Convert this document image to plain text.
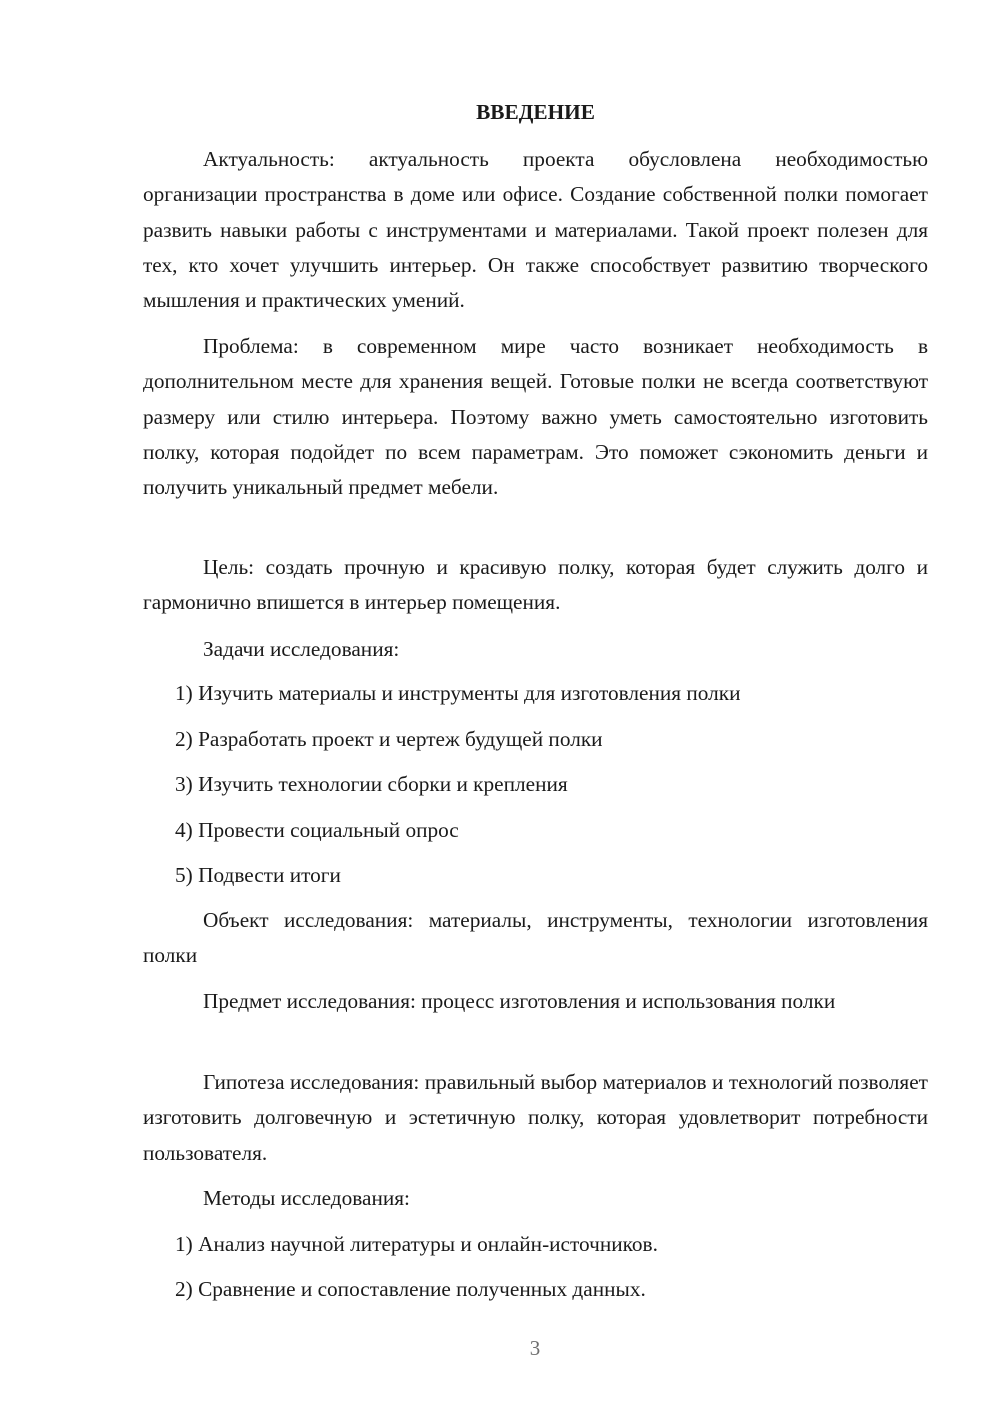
ВВЕДЕНИЕ
Актуальность: актуальность проекта обусловлена необходимостью организации пространства в доме или офисе. Создание собственной полки помогает развить навыки работы с инструментами и материалами. Такой проект полезен для тех, кто хочет улучшить интерьер. Он также способствует развитию творческого мышления и практических умений.
Проблема: в современном мире часто возникает необходимость в дополнительном месте для хранения вещей. Готовые полки не всегда соответствуют размеру или стилю интерьера. Поэтому важно уметь самостоятельно изготовить полку, которая подойдет по всем параметрам. Это поможет сэкономить деньги и получить уникальный предмет мебели.
Цель: создать прочную и красивую полку, которая будет служить долго и гармонично впишется в интерьер помещения.
Задачи исследования:
1) Изучить материалы и инструменты для изготовления полки
2) Разработать проект и чертеж будущей полки
3) Изучить технологии сборки и крепления
4) Провести социальный опрос
5) Подвести итоги
Объект исследования: материалы, инструменты, технологии изготовления полки
Предмет исследования: процесс изготовления и использования полки
Гипотеза исследования: правильный выбор материалов и технологий позволяет изготовить долговечную и эстетичную полку, которая удовлетворит потребности пользователя.
Методы исследования:
1) Анализ научной литературы и онлайн-источников.
2) Сравнение и сопоставление полученных данных.
3
